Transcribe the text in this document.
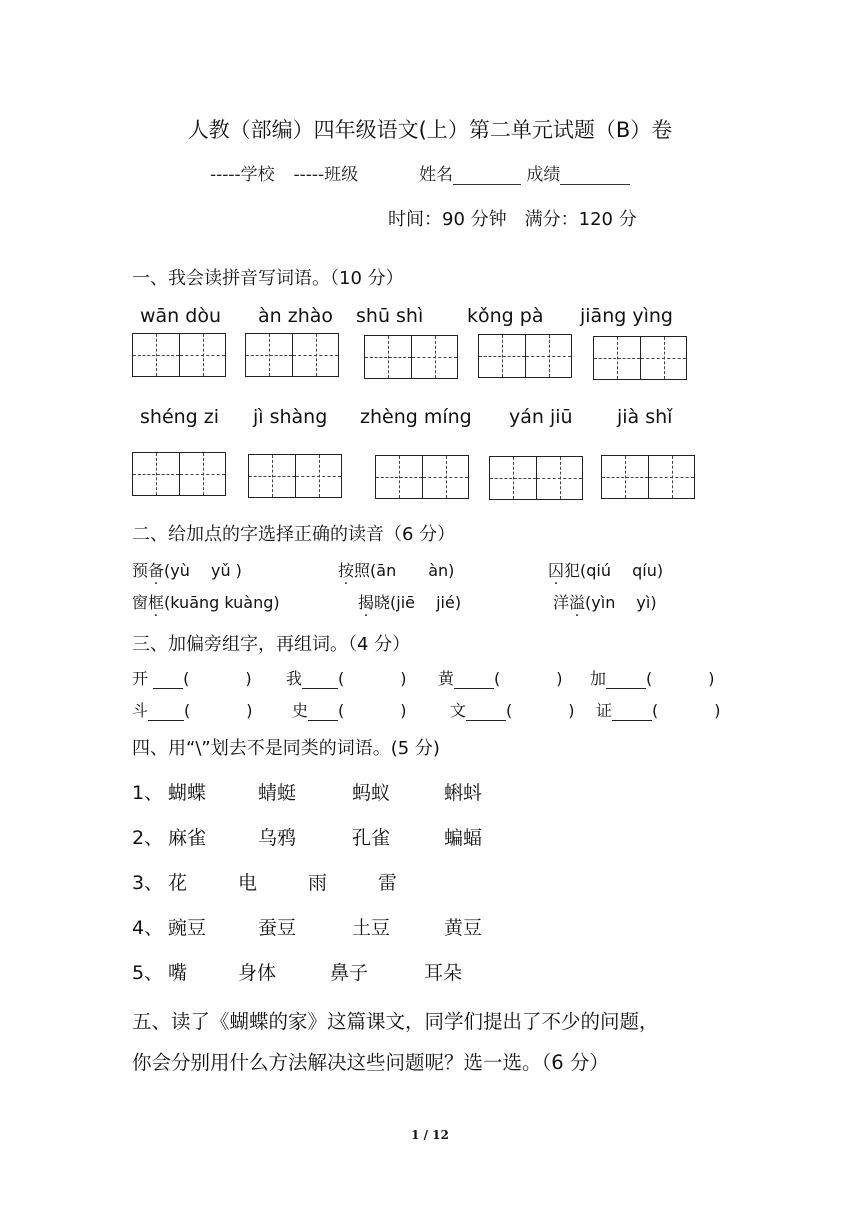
人教（部编）四年级语文(上）第二单元试题（B）卷
-----学校 -----班级	姓名	成绩
时间：90 分钟　满分：120 分
一、我会读拼音写词语。（10 分）
wān dòu àn zhào shū shì kǒng pà jiāng yìng
shéng zi jì shàng zhèng míng yán jiū jià shǐ
二、给加点的字选择正确的读音（6 分）
预备(yù　 yǔ )	按照(ān　　àn)	囚犯(qiú　 qíu)
窗框(kuāng kuàng)	揭晓(jiē　 jié)	洋溢(yìn　 yì)
三、加偏旁组字，再组词。（4 分）
开 (	) 我 (	) 黄	(	) 加	(	)
斗 (	) 史 (	)	文	(	) 证	(	)
四、用“\”划去不是同类的词语。(5 分)
1、 蝴蝶	蜻蜓	蚂蚁	蝌蚪
2、 麻雀	乌鸦	孔雀	蝙蝠
3、 花	电	雨	雷
4、 豌豆	蚕豆	土豆	黄豆
5、 嘴	身体	鼻子	耳朵
五、读了《蝴蝶的家》这篇课文，同学们提出了不少的问题，
你会分别用什么方法解决这些问题呢？选一选。（6 分）
1 / 12
